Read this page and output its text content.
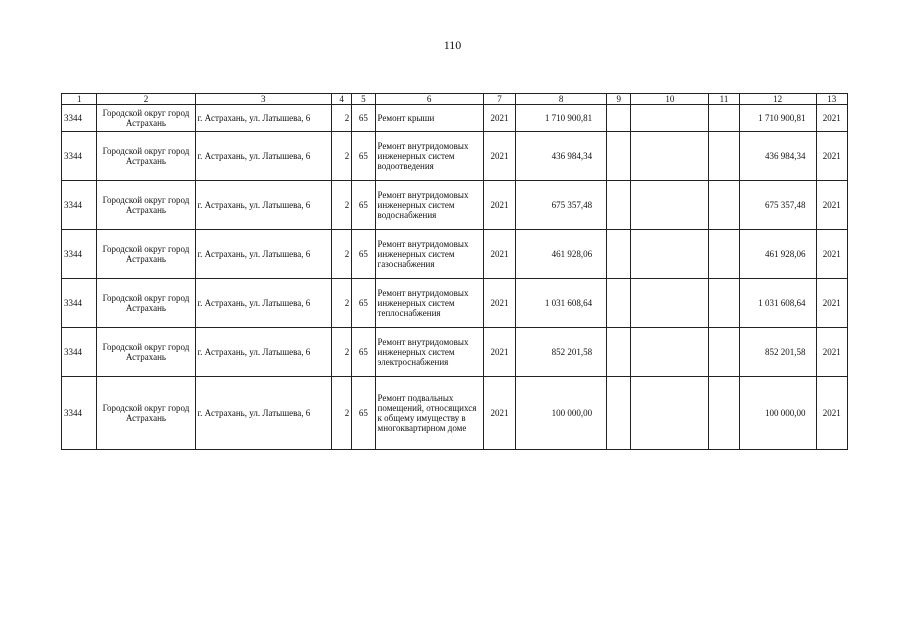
110
1	2	3	4	5	6	7	8	9	10	11	12	13
3344	Городской округ город Астрахань	г. Астрахань, ул. Латышева, 6	2	65	Ремонт крыши	2021	1 710 900,81				1 710 900,81	2021
3344	Городской округ город Астрахань	г. Астрахань, ул. Латышева, 6	2	65	Ремонт внутридомовых инженерных систем водоотведения	2021	436 984,34				436 984,34	2021
3344	Городской округ город Астрахань	г. Астрахань, ул. Латышева, 6	2	65	Ремонт внутридомовых инженерных систем водоснабжения	2021	675 357,48				675 357,48	2021
3344	Городской округ город Астрахань	г. Астрахань, ул. Латышева, 6	2	65	Ремонт внутридомовых инженерных систем газоснабжения	2021	461 928,06				461 928,06	2021
3344	Городской округ город Астрахань	г. Астрахань, ул. Латышева, 6	2	65	Ремонт внутридомовых инженерных систем теплоснабжения	2021	1 031 608,64				1 031 608,64	2021
3344	Городской округ город Астрахань	г. Астрахань, ул. Латышева, 6	2	65	Ремонт внутридомовых инженерных систем электроснабжения	2021	852 201,58				852 201,58	2021
3344	Городской округ город Астрахань	г. Астрахань, ул. Латышева, 6	2	65	Ремонт подвальных помещений, относящихся к общему имуществу в многоквартирном доме	2021	100 000,00				100 000,00	2021
